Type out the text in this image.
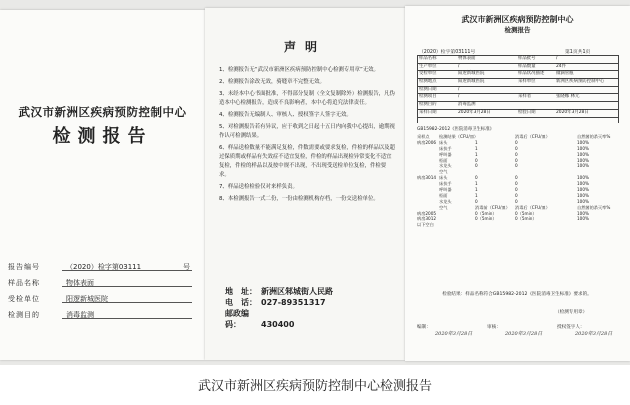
武汉市新洲区疾病预防控制中心
检测报告
报告编号	（2020）检字第03111	号
样品名称	物体表面
受检单位	阳逻新城医院
检测目的	消毒监测
声明
1、检测报告无“武汉市新洲区疾病预防控制中心检测专用章”无效。
2、检测报告涂改无效，骑缝章不完整无效。
3、未经本中心书面批准，不得部分复制（全文复制除外）检测报告，凡伪造本中心检测报告，造成不良影响者，本中心将追究法律责任。
4、检测报告无编制人、审核人、授权签字人签字无效。
5、对检测报告若有异议，应于收到之日起十五日内向我中心提出，逾期视作认可检测结果。
6、样品送检数量不能满足复检，件数需要或要求复检，件检的样品以及超过保质期或样品有失效症不适宜复检，件检的样品出现检异常变化不适宜复检，件检的样品以及按中规不出现，不出现受送检单位复检，件检要求。
7、样品送检检验仅对来样负责。
8、本检测报告一式二份，一份由检测机构存档，一份交送检单位。
地　址： 新洲区邾城街人民路
电　话： 027-89351317
邮政编码：	430400
武汉市新洲区疾病预防控制中心
检测报告
（2020）检字第03111号	第1页共1页
样品名称	物体表面	样品批号	/
生产单位	/	样品数量	24件
受检单位	阳逻新城医院	样品状况描述	微滴管瓶
检测地点	阳逻新城医院	采样单位	新洲区疾病预防控制中心
检测日期	/
检测项目	/	采样者	张晓娜 林元
检测目的	消毒监测
采样日期	2020年3月28日	检验日期	2020年3月28日
GB15982-2012《医院消毒卫生标准》
采样点 检测结果（CFU/皿）	消毒后（CFU/皿）	自然菌的杀灭率%
病房2006 床头	1	0	100%
床扶手	1	0	100%
呼叫器	1	0	100%
柜面	0	0	100%
水龙头	0	0	100%
空气
病房3014 床头	0	0	100%
床扶手	1	0	100%
呼叫器	1	0	100%
柜面	1	0	100%
水龙头	0	0	100%
空气	消毒前（CFU/皿） 消毒后（CFU/皿）	自然菌的杀灭率%
病房2005	0（5min）	0（5min）	100%
病房3012	0（5min）	0（5min）	100%
以下空白
检验结果：样品名称符合GB15982-2012《医院消毒卫生标准》要求的。
（检测专用章）
编制：
2020年3月28日
审核：
2020年3月28日
授权签字人：
2020年3月28日
武汉市新洲区疾病预防控制中心检测报告
